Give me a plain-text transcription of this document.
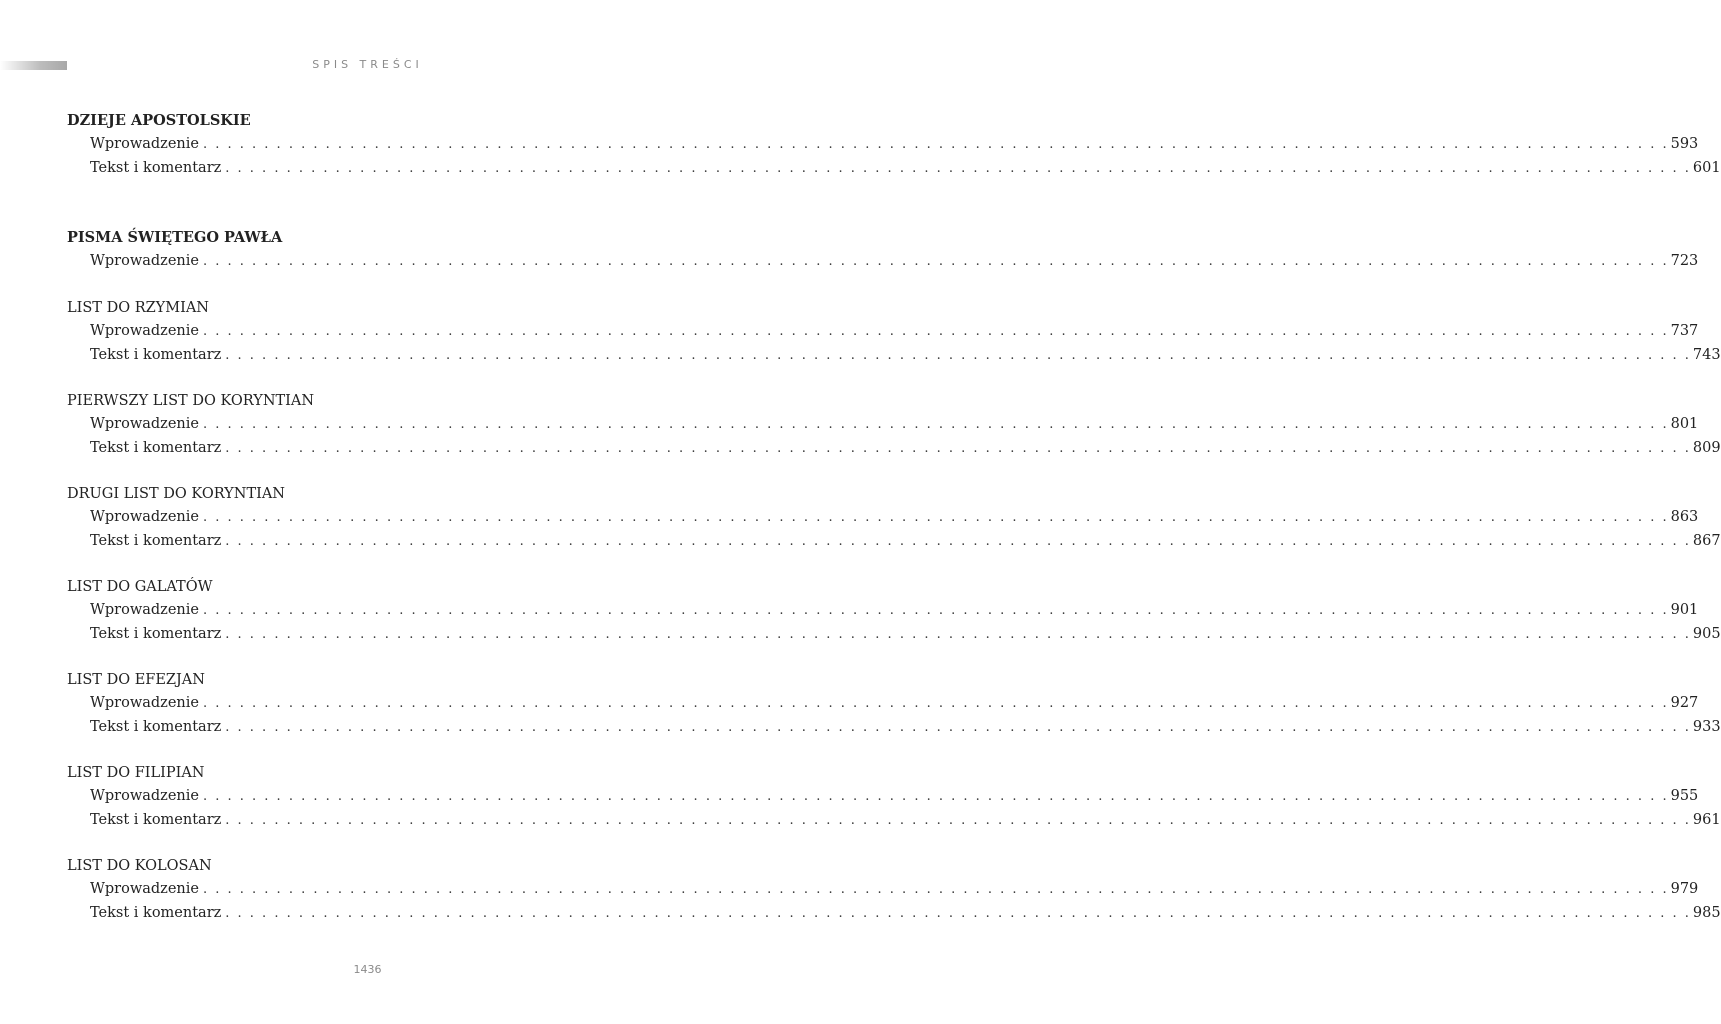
SPIS TREŚCI
DZIEJE APOSTOLSKIE
Wprowadzenie . . . . . . . . . . . . . . . . . . . . . . . . . . . . . . . . . . . . . . . . . . . . . . . . . . . . . . . . . . . . . . . . . . . . . . . . . . . . . . . . . . . . . . . . . . . . . . . . . . . . . . . . . . . . . . . . . . . . . . . . 593
Tekst i komentarz . . . . . . . . . . . . . . . . . . . . . . . . . . . . . . . . . . . . . . . . . . . . . . . . . . . . . . . . . . . . . . . . . . . . . . . . . . . . . . . . . . . . . . . . . . . . . . . . . . . . . . . . . . . . . . . . . . . . . . . . 601
PISMA ŚWIĘTEGO PAWŁA
Wprowadzenie . . . . . . . . . . . . . . . . . . . . . . . . . . . . . . . . . . . . . . . . . . . . . . . . . . . . . . . . . . . . . . . . . . . . . . . . . . . . . . . . . . . . . . . . . . . . . . . . . . . . . . . . . . . . . . . . . . . . . . . . 723
LIST DO RZYMIAN
Wprowadzenie . . . . . . . . . . . . . . . . . . . . . . . . . . . . . . . . . . . . . . . . . . . . . . . . . . . . . . . . . . . . . . . . . . . . . . . . . . . . . . . . . . . . . . . . . . . . . . . . . . . . . . . . . . . . . . . . . . . . . . . . 737
Tekst i komentarz . . . . . . . . . . . . . . . . . . . . . . . . . . . . . . . . . . . . . . . . . . . . . . . . . . . . . . . . . . . . . . . . . . . . . . . . . . . . . . . . . . . . . . . . . . . . . . . . . . . . . . . . . . . . . . . . . . . . . . . . 743
PIERWSZY LIST DO KORYNTIAN
Wprowadzenie . . . . . . . . . . . . . . . . . . . . . . . . . . . . . . . . . . . . . . . . . . . . . . . . . . . . . . . . . . . . . . . . . . . . . . . . . . . . . . . . . . . . . . . . . . . . . . . . . . . . . . . . . . . . . . . . . . . . . . . . 801
Tekst i komentarz . . . . . . . . . . . . . . . . . . . . . . . . . . . . . . . . . . . . . . . . . . . . . . . . . . . . . . . . . . . . . . . . . . . . . . . . . . . . . . . . . . . . . . . . . . . . . . . . . . . . . . . . . . . . . . . . . . . . . . . . 809
DRUGI LIST DO KORYNTIAN
Wprowadzenie . . . . . . . . . . . . . . . . . . . . . . . . . . . . . . . . . . . . . . . . . . . . . . . . . . . . . . . . . . . . . . . . . . . . . . . . . . . . . . . . . . . . . . . . . . . . . . . . . . . . . . . . . . . . . . . . . . . . . . . . 863
Tekst i komentarz . . . . . . . . . . . . . . . . . . . . . . . . . . . . . . . . . . . . . . . . . . . . . . . . . . . . . . . . . . . . . . . . . . . . . . . . . . . . . . . . . . . . . . . . . . . . . . . . . . . . . . . . . . . . . . . . . . . . . . . . 867
LIST DO GALATÓW
Wprowadzenie . . . . . . . . . . . . . . . . . . . . . . . . . . . . . . . . . . . . . . . . . . . . . . . . . . . . . . . . . . . . . . . . . . . . . . . . . . . . . . . . . . . . . . . . . . . . . . . . . . . . . . . . . . . . . . . . . . . . . . . . 901
Tekst i komentarz . . . . . . . . . . . . . . . . . . . . . . . . . . . . . . . . . . . . . . . . . . . . . . . . . . . . . . . . . . . . . . . . . . . . . . . . . . . . . . . . . . . . . . . . . . . . . . . . . . . . . . . . . . . . . . . . . . . . . . . . 905
LIST DO EFEZJAN
Wprowadzenie . . . . . . . . . . . . . . . . . . . . . . . . . . . . . . . . . . . . . . . . . . . . . . . . . . . . . . . . . . . . . . . . . . . . . . . . . . . . . . . . . . . . . . . . . . . . . . . . . . . . . . . . . . . . . . . . . . . . . . . . 927
Tekst i komentarz . . . . . . . . . . . . . . . . . . . . . . . . . . . . . . . . . . . . . . . . . . . . . . . . . . . . . . . . . . . . . . . . . . . . . . . . . . . . . . . . . . . . . . . . . . . . . . . . . . . . . . . . . . . . . . . . . . . . . . . . 933
LIST DO FILIPIAN
Wprowadzenie . . . . . . . . . . . . . . . . . . . . . . . . . . . . . . . . . . . . . . . . . . . . . . . . . . . . . . . . . . . . . . . . . . . . . . . . . . . . . . . . . . . . . . . . . . . . . . . . . . . . . . . . . . . . . . . . . . . . . . . . 955
Tekst i komentarz . . . . . . . . . . . . . . . . . . . . . . . . . . . . . . . . . . . . . . . . . . . . . . . . . . . . . . . . . . . . . . . . . . . . . . . . . . . . . . . . . . . . . . . . . . . . . . . . . . . . . . . . . . . . . . . . . . . . . . . . 961
LIST DO KOLOSAN
Wprowadzenie . . . . . . . . . . . . . . . . . . . . . . . . . . . . . . . . . . . . . . . . . . . . . . . . . . . . . . . . . . . . . . . . . . . . . . . . . . . . . . . . . . . . . . . . . . . . . . . . . . . . . . . . . . . . . . . . . . . . . . . . 979
Tekst i komentarz . . . . . . . . . . . . . . . . . . . . . . . . . . . . . . . . . . . . . . . . . . . . . . . . . . . . . . . . . . . . . . . . . . . . . . . . . . . . . . . . . . . . . . . . . . . . . . . . . . . . . . . . . . . . . . . . . . . . . . . . 985
1436
